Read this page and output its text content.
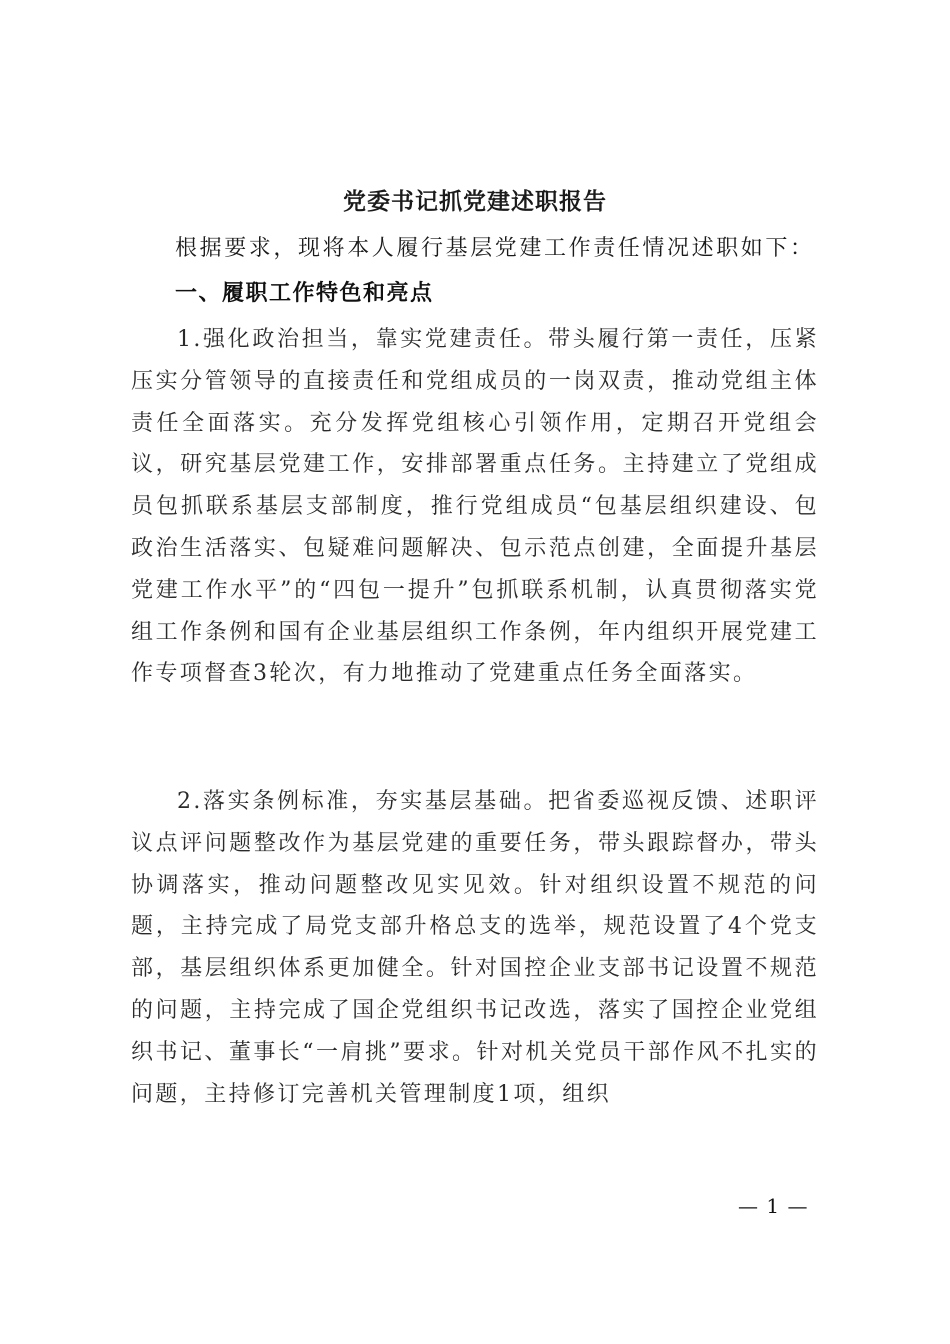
党委书记抓党建述职报告

根据要求，现将本人履行基层党建工作责任情况述职如下：

一、履职工作特色和亮点

1.强化政治担当，靠实党建责任。带头履行第一责任，压紧压实分管领导的直接责任和党组成员的一岗双责，推动党组主体责任全面落实。充分发挥党组核心引领作用，定期召开党组会议，研究基层党建工作，安排部署重点任务。主持建立了党组成员包抓联系基层支部制度，推行党组成员“包基层组织建设、包政治生活落实、包疑难问题解决、包示范点创建，全面提升基层党建工作水平”的“四包一提升”包抓联系机制，认真贯彻落实党组工作条例和国有企业基层组织工作条例，年内组织开展党建工作专项督查3轮次，有力地推动了党建重点任务全面落实。

2.落实条例标准，夯实基层基础。把省委巡视反馈、述职评议点评问题整改作为基层党建的重要任务，带头跟踪督办，带头协调落实，推动问题整改见实见效。针对组织设置不规范的问题，主持完成了局党支部升格总支的选举，规范设置了4个党支部，基层组织体系更加健全。针对国控企业支部书记设置不规范的问题，主持完成了国企党组织书记改选，落实了国控企业党组织书记、董事长“一肩挑”要求。针对机关党员干部作风不扎实的问题，主持修订完善机关管理制度1项，组织

— 1 —
